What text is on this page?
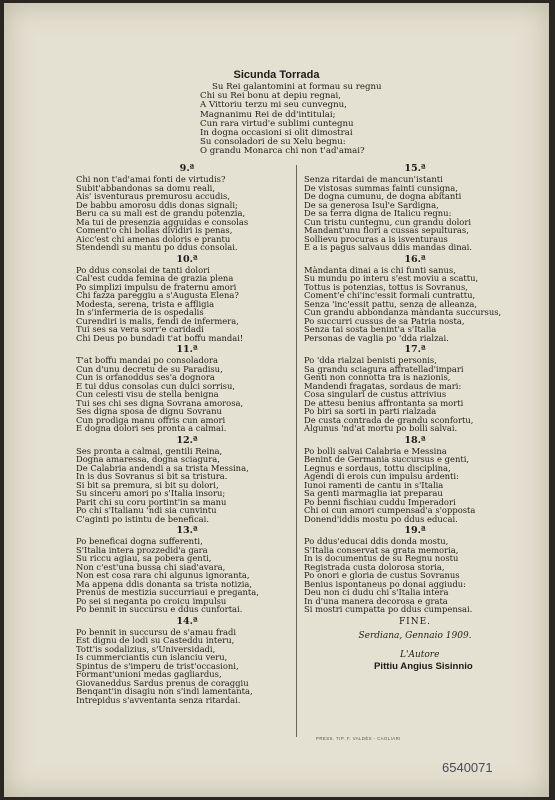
Sicunda Torrada
Su Rei galantomini at formau su regnu
Chi su Rei bonu at depiu regnai,
A Vittoriu terzu mi seu cunvegnu,
Magnanimu Rei de dd'intitulai;
Cun rara virtud'e sublimi cuntegnu
In dogna occasioni si olit dimostrai
Su consoladori de su Xelu begnu:
O grandu Monarca chi non t'ad'amai?
9.ª
Chi non t'ad'amai fonti de virtudis?
Subit'abbandonas sa domu reali,
Ais' isventuraus premurosu accudis,
De babbu amorosu ddis donas signali;
Beru ca su mali est de grandu potenzia,
Ma tui de presenzia agguidas e consolas
Coment'o chi bollas dividiri is penas,
Aicc'est chi amenas doloris e prantu
Stendendi su mantu po ddus consolai.
10.ª
Po ddus consolai de tanti dolori
Cal'est cudda femina de grazia plena
Po simplizi impulsu de fraternu amori
Chi fazza pareggiu a s'Augusta Elena?
Modesta, serena, trista e affligia
In s'infermeria de is ospedalis
Curendiri is malis, fendi de infermera,
Tui ses sa vera sorr'e caridadi
Chi Deus po bundadi t'at boffu mandai!
11.ª
T'at boffu mandai po consoladora
Cun d'unu decretu de su Paradisu,
Cun is orfanoddus ses'a dognora
E tui ddus consolas cun dulci sorrisu,
Cun celesti visu de stella benigna
Tui ses chi ses digna Sovrana amorosa,
Ses digna sposa de dignu Sovranu
Cun prodiga manu offris cun amori
E dogna dolori ses pronta a calmai.
12.ª
Ses pronta a calmai, gentili Reina,
Dogna amaressa, dogna sciagura,
De Calabria andendi a sa trista Messina,
In is dus Sovranus si bit sa tristura.
Si bit sa premura, si bit su dolori,
Su sinceru amori po s'Italia insoru;
Parit chi su coru portint'in sa manu
Po chi s'Italianu 'ndi sia cunvintu
C'aginti po istintu de beneficai.
13.ª
Po beneficai dogna sufferenti,
S'Italia intera prozzedid'a gara
Su riccu agiau, sa pobera genti,
Non c'est'una bussa chi siad'avara,
Non est cosa rara chi algunus ignoranta,
Ma appena ddis donanta sa trista notizia,
Prenus de mestizia succurriaui e preganta,
Po sei si neganta po croicu impulsu
Po bennit in succursu e ddus cunfortai.
14.ª
Po bennit in succursu de s'amau fradi
Est dignu de lodi su Casteddu interu,
Tott'is sodalizius, s'Universidadi,
Is cummerciantis cun islanciu veru,
Spintus de s'imperu de trist'occasioni,
Formant'unioni medas gagliardus,
Giovaneddus Sardus prenus de coraggiu
Benqant'in disagiu non s'indi lamentanta,
Intrepidus s'avventanta senza ritardai.
15.ª
Senza ritardai de mancun'istanti
De vistosas summas fainti cunsigna,
De dogna cumunu, de dogna abitanti
De sa generosa Isul'e Sardigna,
De sa terra digna de Italicu regnu:
Cun tristu cuntegnu, cun grandu dolori
Mandant'unu flori a cussas sepulturas,
Sollievu procuras a is isventuraus
E a is pagus salvaus ddis mandas dinai.
16.ª
Màndanta dinai a is chi funti sanus,
Su mundu po interu s'est moviu a scattu,
Tottus is potenzias, tottus is Sovranus,
Coment'e chi'inc'essit formali cuntrattu,
Senza 'inc'essit pattu, senza de alleanza,
Cun grandu abbondanza màndanta succursus,
Po succurri cussus de sa Patria nosta,
Senza tai sosta benint'a s'Italia
Personas de vaglia po 'dda rialzai.
17.ª
Po 'dda rialzai benisti personis,
Sa grandu sciagura affratellad'impari
Genti non connotta tra is nazionis,
Mandendi fragatas, sordaus de mari:
Cosa singulari de custus attrivius
De attesu benius affrontanta sa morti
Po biri sa sorti in parti rialzada
De custa contrada de grandu sconfortu,
Algunus 'nd'at mortu po bolli salvai.
18.ª
Po bolli salvai Calabria e Messina
Benint de Germania succursus e genti,
Legnus e sordaus, tottu disciplina,
Agendi di erois cun impulsu ardenti:
Iunoi ramenti de cantu in s'Italia
Sa genti marmaglia iat preparau
Po benni fischiau cuddu Imperadori
Chi oi cun amori cumpensad'a s'opposta
Donend'iddis mostu po ddus educai.
19.ª
Po ddus'educai ddis donda mostu,
S'Italia conservat sa grata memoria,
In is documentus de su Regnu nostu
Registrada custa dolorosa storia,
Po onori e gloria de custus Sovranus
Benius ispontaneus po donai aggiudu:
Deu non ci dudu chi s'Italia intera
In d'una manera decorosa e grata
Si mostri cumpatta po ddus cumpensai.
FINE.
Serdiana, Gennaio 1909.
L'Autore
Pittiu Angius Sisinnio
PRESS. TIP. F. VALDÈS - CAGLIARI
6540071
